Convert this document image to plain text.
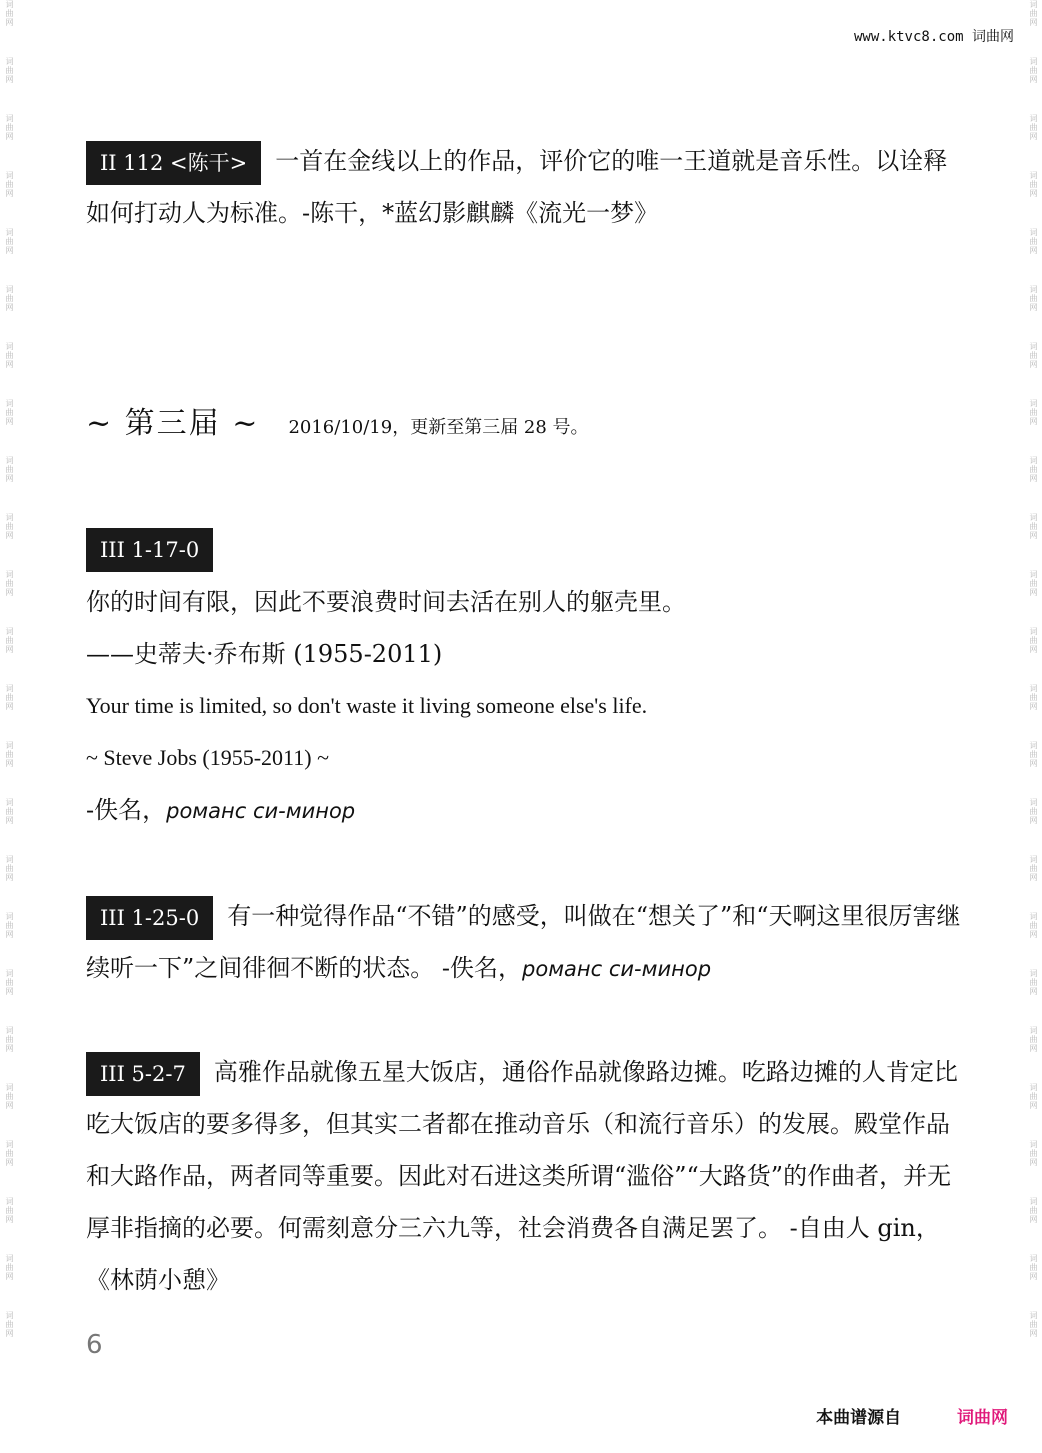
词曲网
词曲网
词曲网
词曲网
词曲网
词曲网
词曲网
词曲网
词曲网
词曲网
词曲网
词曲网
词曲网
词曲网
词曲网
词曲网
词曲网
词曲网
词曲网
词曲网
词曲网
词曲网
词曲网
词曲网
词曲网
词曲网
词曲网
词曲网
词曲网
词曲网
词曲网
词曲网
词曲网
词曲网
词曲网
词曲网
词曲网
词曲网
词曲网
词曲网
词曲网
词曲网
词曲网
词曲网
词曲网
词曲网
词曲网
词曲网
www.ktvc8.com 词曲网

II 112 <陈干> 一首在金线以上的作品，评价它的唯一王道就是音乐性。以诠释如何打动人为标准。-陈干，*蓝幻影麒麟《流光一梦》

~ 第三届 ~ 2016/10/19，更新至第三届 28 号。
III 1-17-0

你的时间有限，因此不要浪费时间去活在别人的躯壳里。

——史蒂夫·乔布斯 (1955-2011)

Your time is limited, so don't waste it living someone else's life.

~ Steve Jobs (1955-2011) ~

-佚名，романс си-минор

III 1-25-0 有一种觉得作品“不错”的感受，叫做在“想关了”和“天啊这里很厉害继续听一下”之间徘徊不断的状态。 -佚名，романс си-минор

III 5-2-7 高雅作品就像五星大饭店，通俗作品就像路边摊。吃路边摊的人肯定比吃大饭店的要多得多，但其实二者都在推动音乐（和流行音乐）的发展。殿堂作品和大路作品，两者同等重要。因此对石进这类所谓“滥俗”“大路货”的作曲者，并无厚非指摘的必要。何需刻意分三六九等，社会消费各自满足罢了。 -自由人 gin，《林荫小憩》

6
本曲谱源自	词曲网
